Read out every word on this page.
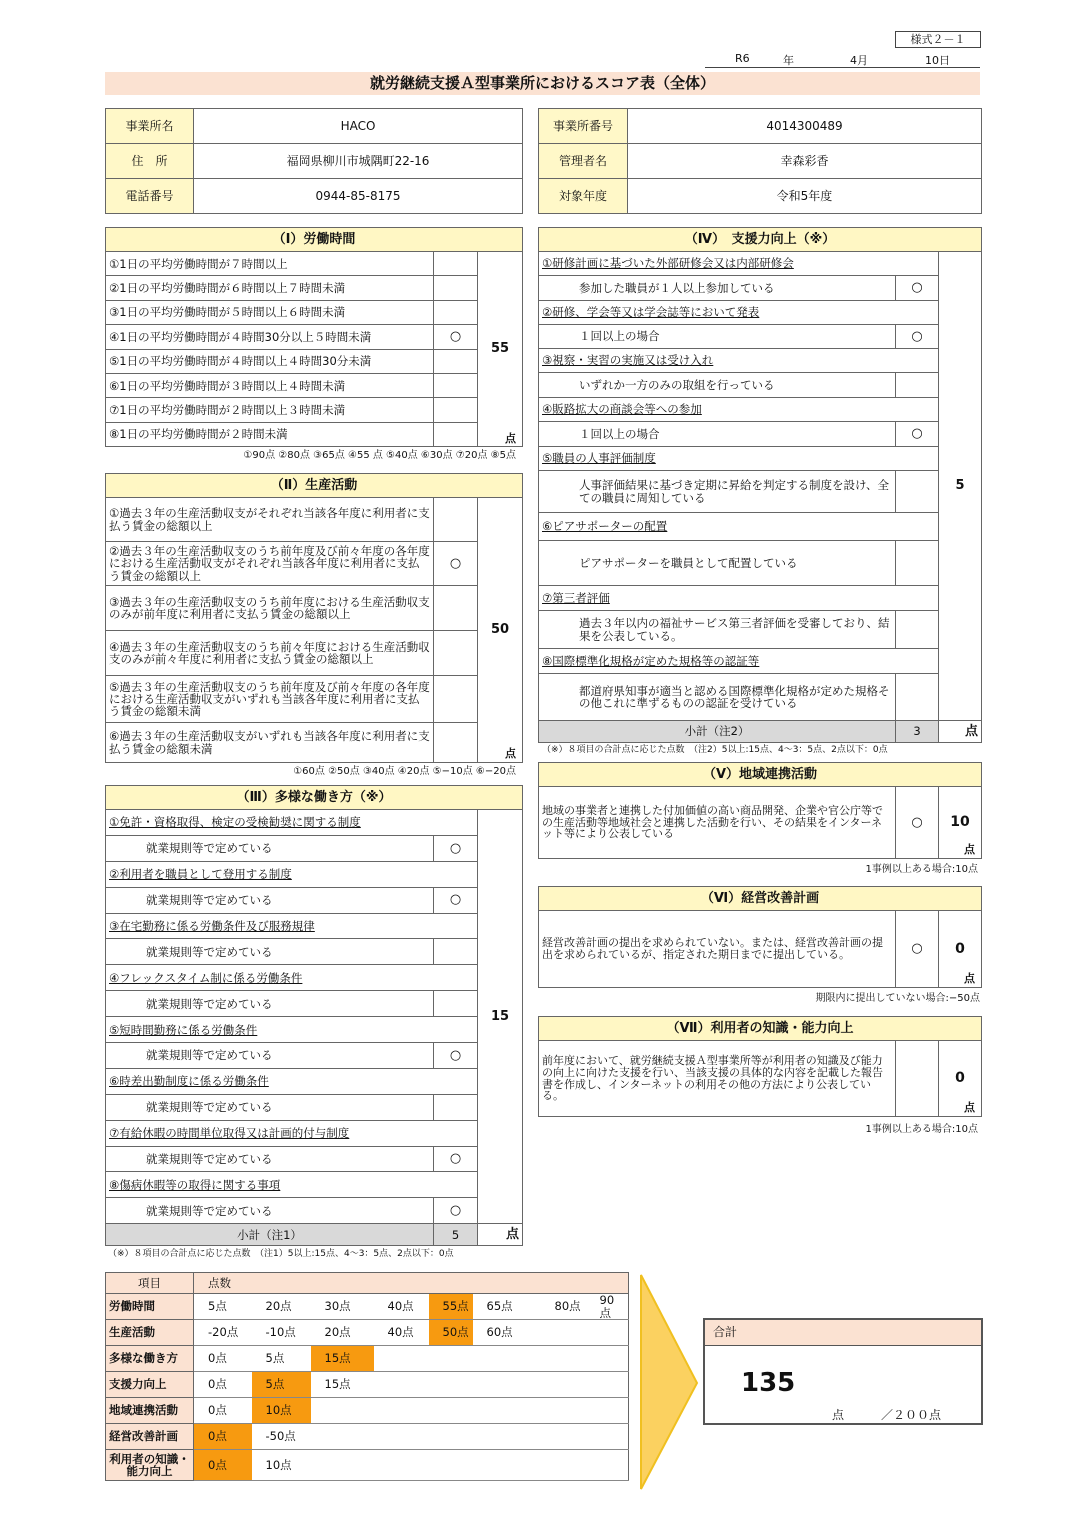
様式２－１
R6	年	4月	10日
就労継続支援Ａ型事業所におけるスコア表（全体）
事業所名	HACO
住　所	福岡県柳川市城隅町22-16
電話番号	0944-85-8175
事業所番号	4014300489
管理者名	幸森彩香
対象年度	令和5年度
（Ⅰ）労働時間		
①1日の平均労働時間が７時間以上		55
点

②1日の平均労働時間が６時間以上７時間未満		
③1日の平均労働時間が５時間以上６時間未満		
④1日の平均労働時間が４時間30分以上５時間未満	○	
⑤1日の平均労働時間が４時間以上４時間30分未満		
⑥1日の平均労働時間が３時間以上４時間未満		
⑦1日の平均労働時間が２時間以上３時間未満		
⑧1日の平均労働時間が２時間未満		
①90点 ②80点 ③65点 ④55 点 ⑤40点 ⑥30点 ⑦20点 ⑧5点
（Ⅱ）生産活動		
①過去３年の生産活動収支がそれぞれ当該各年度に利用者に支払う賃金の総額以上		50
点

②過去３年の生産活動収支のうち前年度及び前々年度の各年度における生産活動収支がそれぞれ当該各年度に利用者に支払う賃金の総額以上	○	
③過去３年の生産活動収支のうち前年度における生産活動収支のみが前年度に利用者に支払う賃金の総額以上		
④過去３年の生産活動収支のうち前々年度における生産活動収支のみが前々年度に利用者に支払う賃金の総額以上		
⑤過去３年の生産活動収支のうち前年度及び前々年度の各年度における生産活動収支がいずれも当該各年度に利用者に支払う賃金の総額未満		
⑥過去３年の生産活動収支がいずれも当該各年度に利用者に支払う賃金の総額未満		
①60点 ②50点 ③40点 ④20点 ⑤−10点 ⑥−20点
（Ⅲ）多様な働き方（※）		
①免許・資格取得、検定の受検勧奨に関する制度		15
就業規則等で定めている	○	
②利用者を職員として登用する制度		
就業規則等で定めている	○	
③在宅勤務に係る労働条件及び服務規律		
就業規則等で定めている		
④フレックスタイム制に係る労働条件		
就業規則等で定めている		
⑤短時間勤務に係る労働条件		
就業規則等で定めている	○	
⑥時差出勤制度に係る労働条件		
就業規則等で定めている		
⑦有給休暇の時間単位取得又は計画的付与制度		
就業規則等で定めている	○	
⑧傷病休暇等の取得に関する事項		
就業規則等で定めている	○	
小計（注1）	5	点
（※）８項目の合計点に応じた点数　（注1）5以上:15点、4〜3：5点、2点以下：0点
（Ⅳ）　支援力向上（※）		
①研修計画に基づいた外部研修会又は内部研修会		5
参加した職員が１人以上参加している	○	
②研修、学会等又は学会誌等において発表		
１回以上の場合	○	
③視察・実習の実施又は受け入れ		
いずれか一方のみの取組を行っている		
④販路拡大の商談会等への参加		
１回以上の場合	○	
⑤職員の人事評価制度		
人事評価結果に基づき定期に昇給を判定する制度を設け、全ての職員に周知している		
⑥ピアサポーターの配置		
ピアサポーターを職員として配置している		
⑦第三者評価		
過去３年以内の福祉サービス第三者評価を受審しており、結果を公表している。		
⑧国際標準化規格が定めた規格等の認証等		
都道府県知事が適当と認める国際標準化規格が定めた規格その他これに準ずるものの認証を受けている		
小計（注2）	3	点
（※）８項目の合計点に応じた点数　（注2）5以上:15点、4〜3：5点、2点以下：0点
（Ⅴ）地域連携活動
地域の事業者と連携した付加価値の高い商品開発、企業や官公庁等での生産活動等地域社会と連携した活動を行い、その結果をインターネット等により公表している	○	10
点
1事例以上ある場合:10点
（Ⅵ）経営改善計画
経営改善計画の提出を求められていない。または、経営改善計画の提出を求められているが、指定された期日までに提出している。	○	0
点
期限内に提出していない場合:−50点
（Ⅶ）利用者の知識・能力向上
前年度において、就労継続支援Ａ型事業所等が利用者の知識及び能力の向上に向けた支援を行い、当該支援の具体的な内容を記載した報告書を作成し、インターネットの利用その他の方法により公表している。		0
点
1事例以上ある場合:10点
項目	点数							
労働時間	5点	20点	30点	40点	55点	65点	80点	90点
生産活動	-20点	-10点	20点	40点	50点	60点		
多様な働き方	0点	5点	15点					
支援力向上	0点	5点	15点					
地域連携活動	0点	10点						
経営改善計画	0点	-50点						
利用者の知識・能力向上	0点	10点						
合計
135
点	／２００点
